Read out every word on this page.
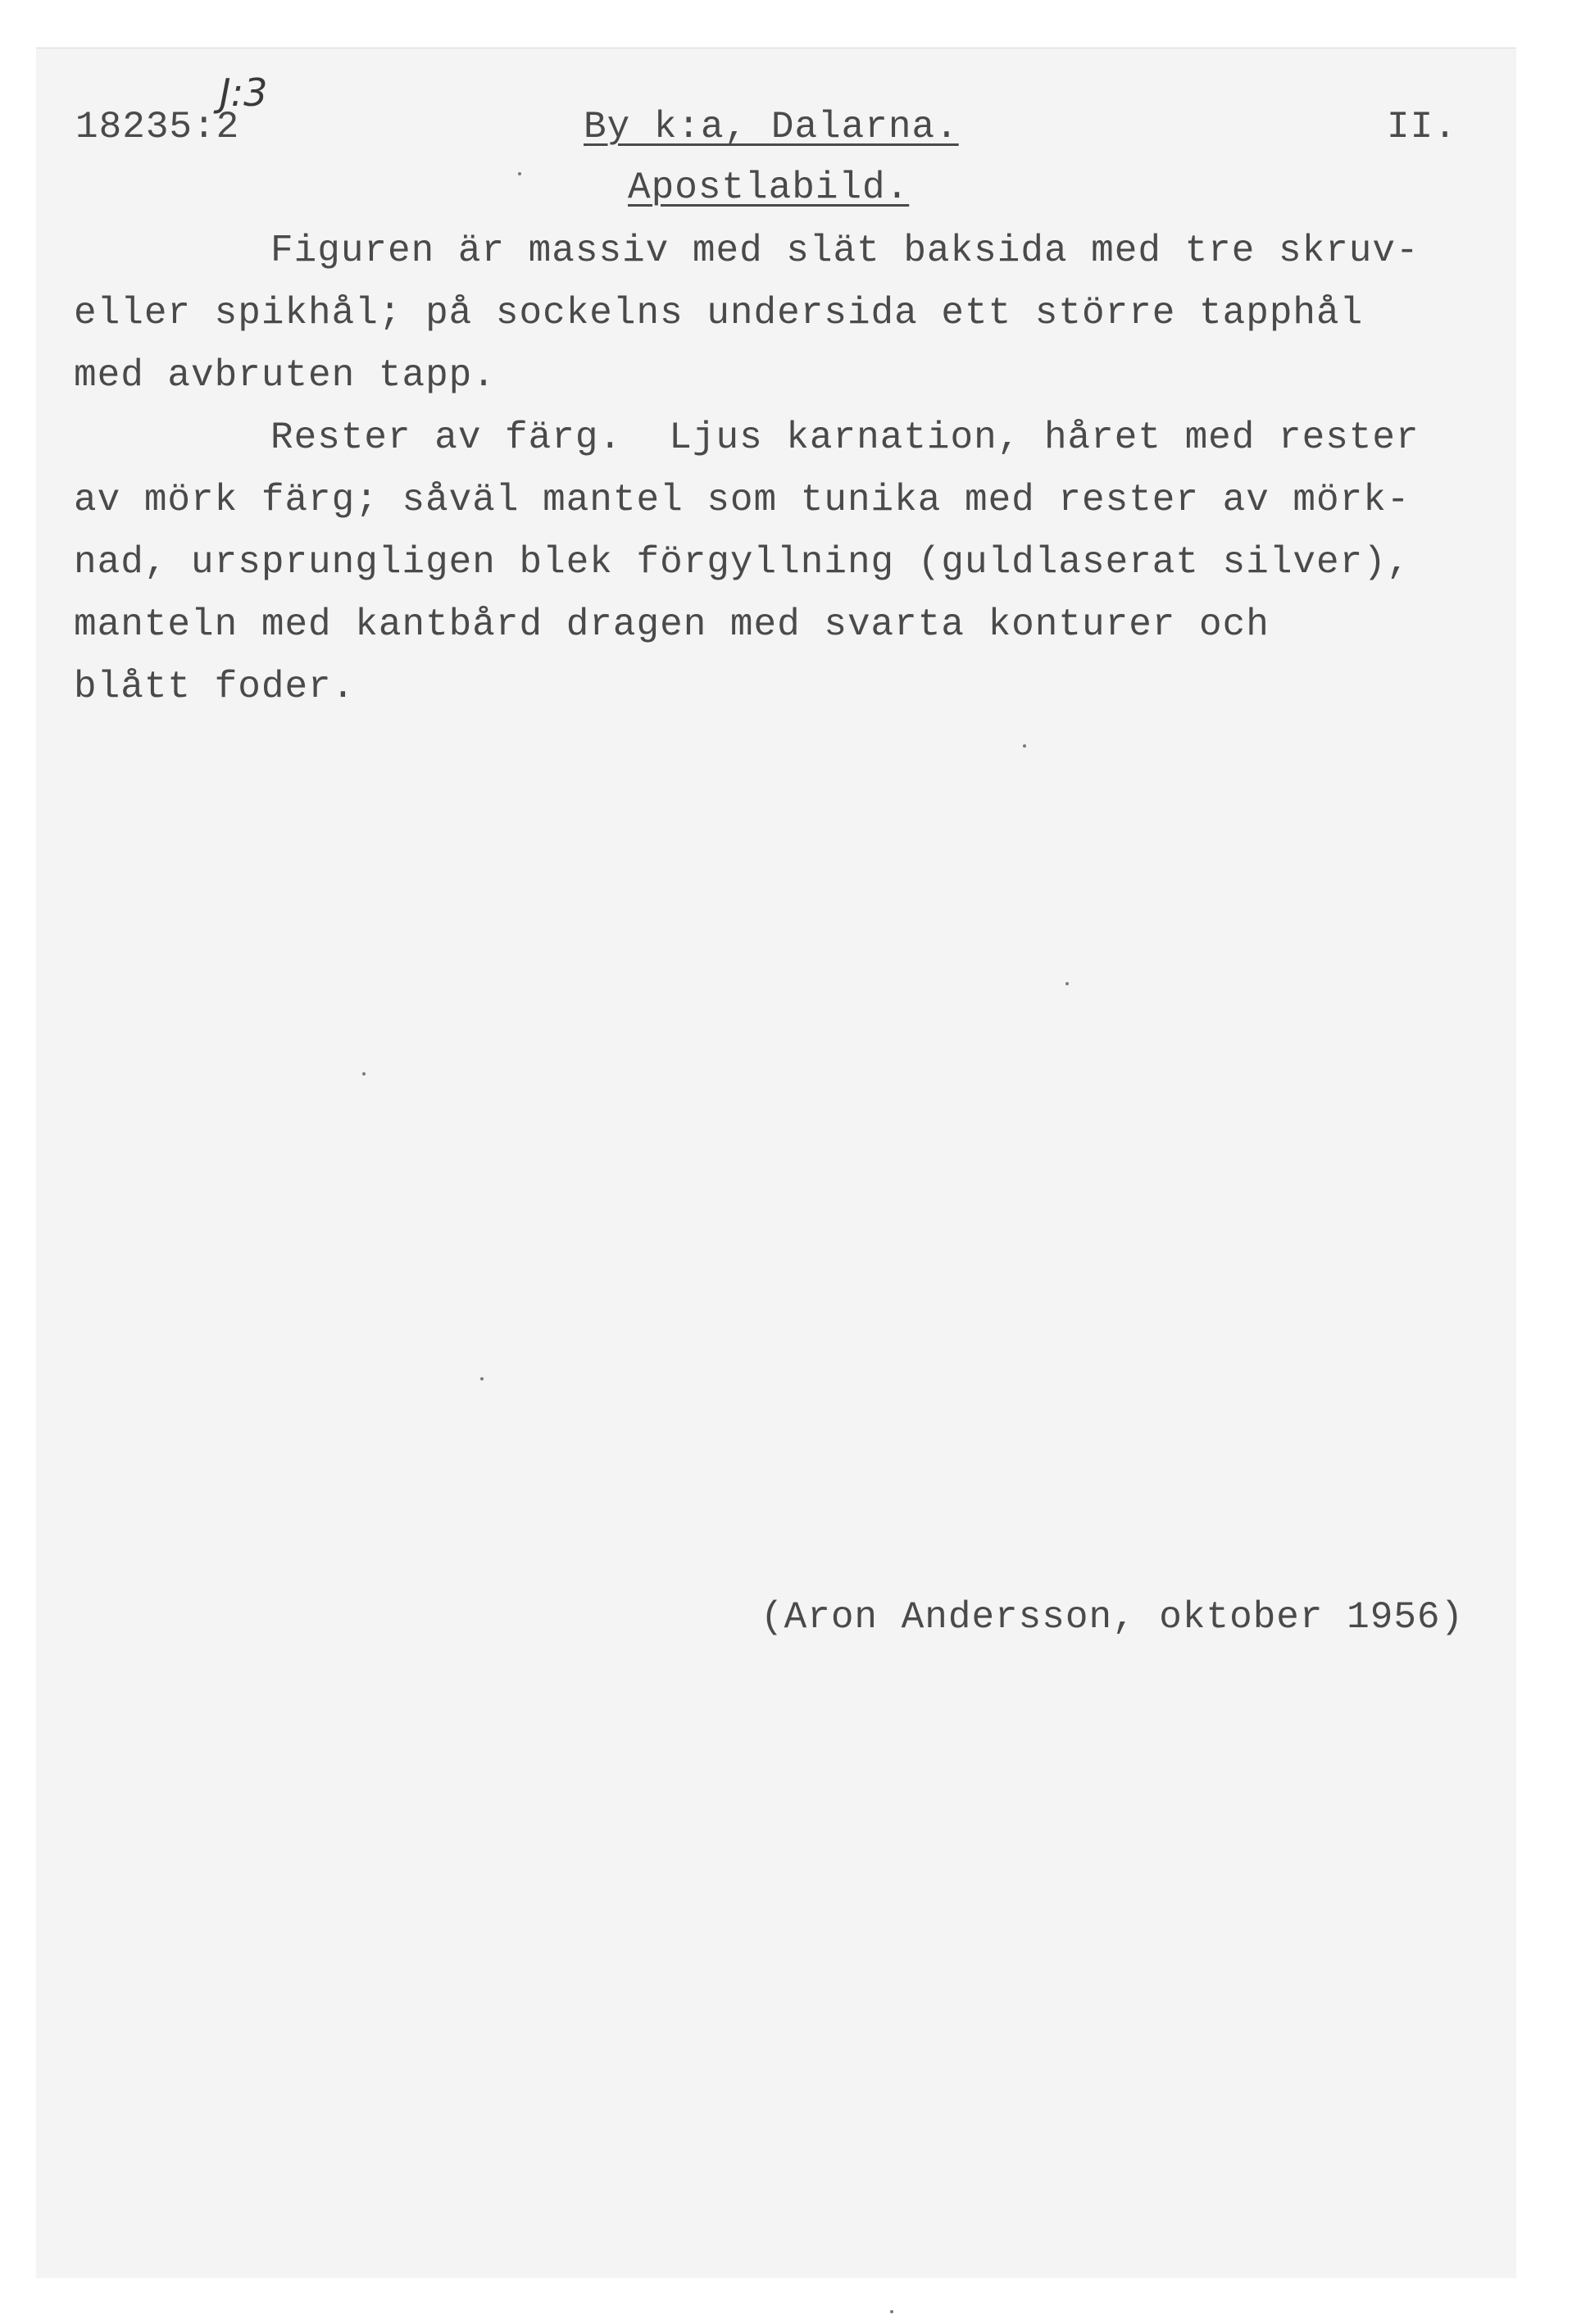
J:3
18235:2	By k:a, Dalarna.	II.
Apostlabild.
Figuren är massiv med slät baksida med tre skruv-
eller spikhål; på sockelns undersida ett större tapphål
med avbruten tapp.
Rester av färg.  Ljus karnation, håret med rester
av mörk färg; såväl mantel som tunika med rester av mörk-
nad, ursprungligen blek förgyllning (guldlaserat silver),
manteln med kantbård dragen med svarta konturer och
blått foder.
(Aron Andersson, oktober 1956)
